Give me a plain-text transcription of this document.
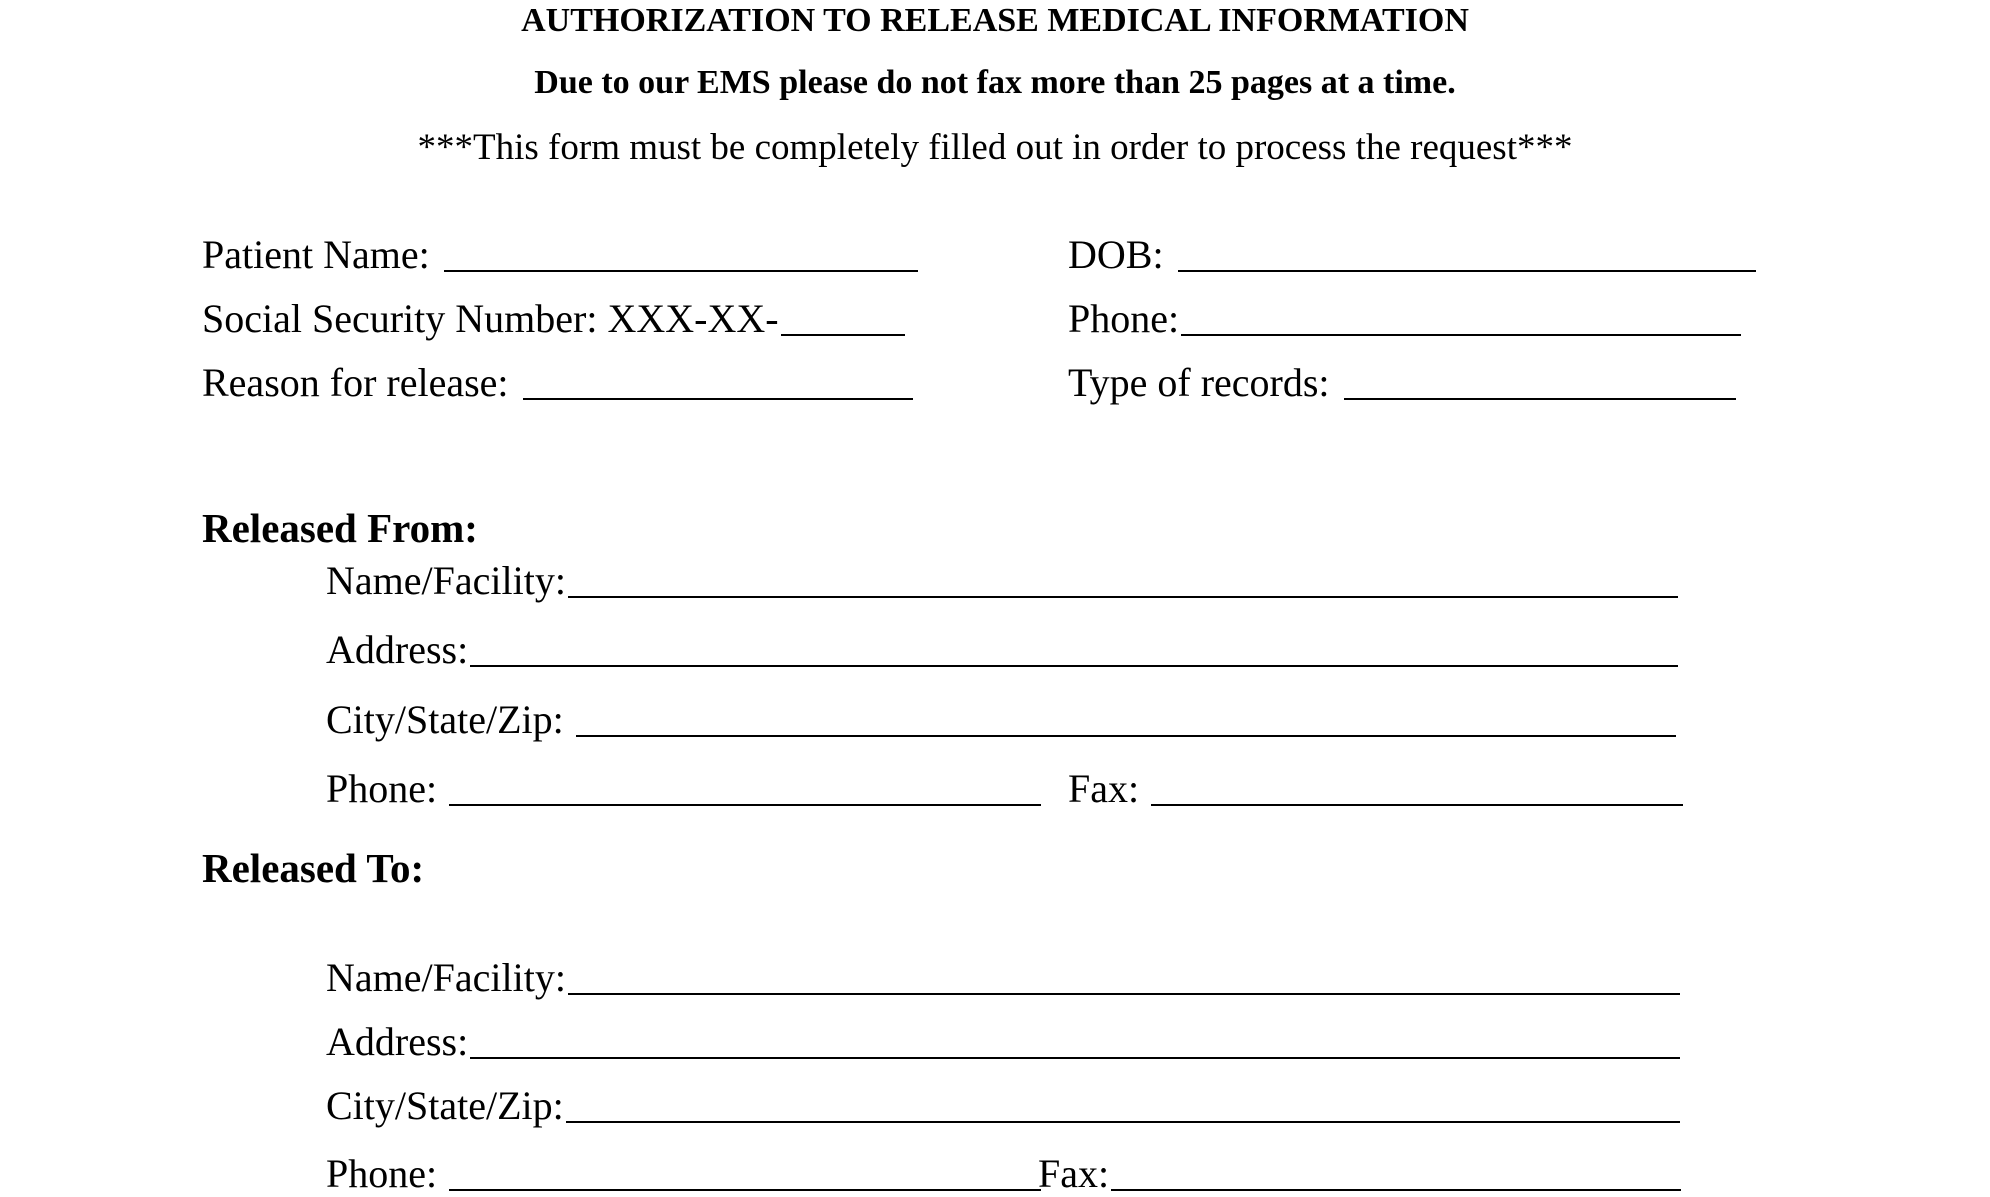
AUTHORIZATION TO RELEASE MEDICAL INFORMATION
Due to our EMS please do not fax more than 25 pages at a time.
***This form must be completely filled out in order to process the request***
Patient Name:	DOB:
Social Security Number: XXX-XX-	Phone:
Reason for release:	Type of records:
Released From:
Name/Facility:
Address:
City/State/Zip:
Phone:	Fax:
Released To:
Name/Facility:
Address:
City/State/Zip:
Phone:	Fax:
